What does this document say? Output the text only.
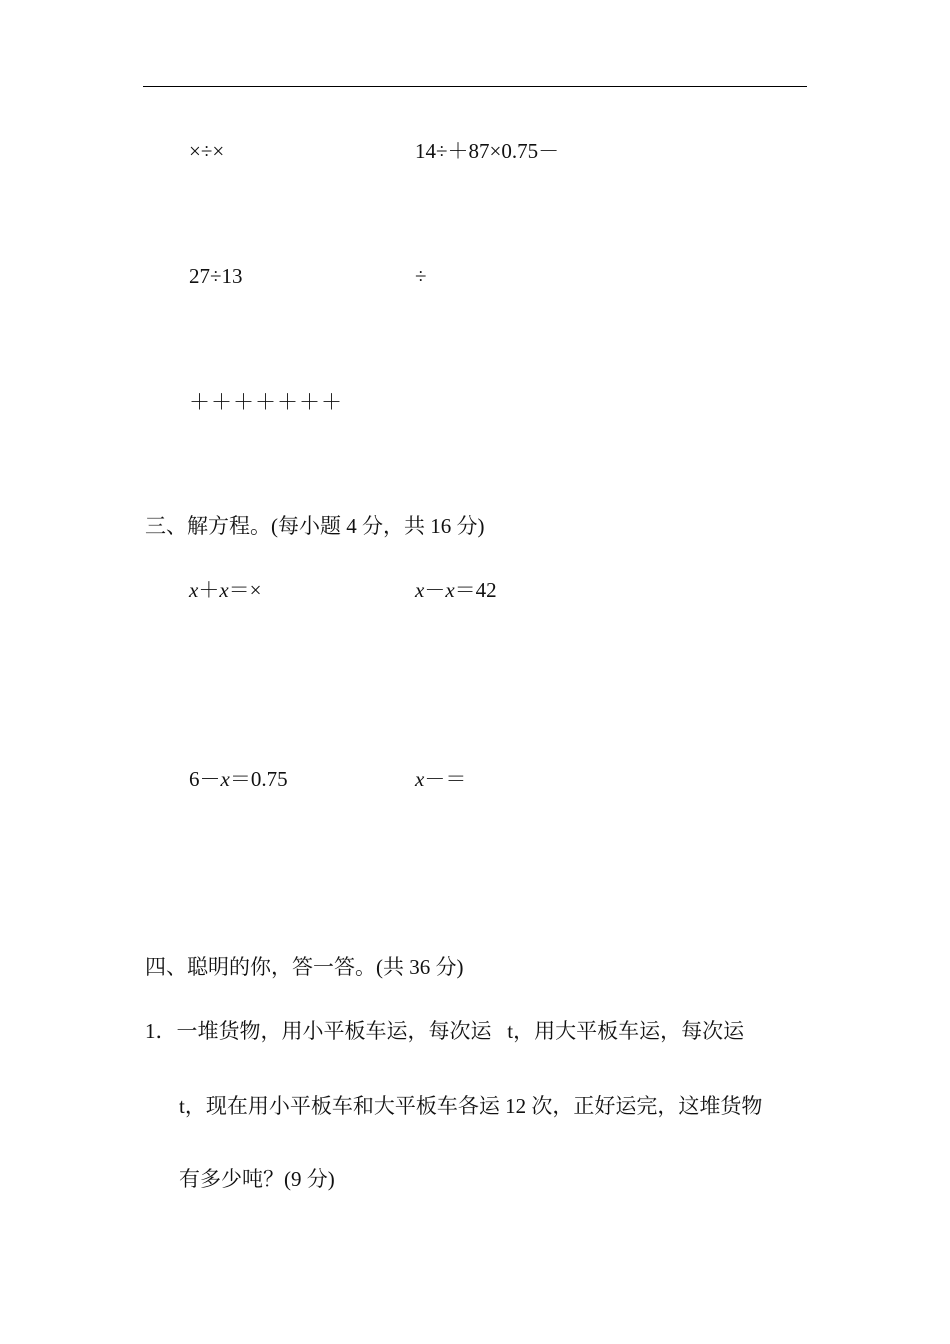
×÷×	14÷＋87×0.75－
27÷13	÷
＋＋＋＋＋＋＋
三、解方程。(每小题 4 分，共 16 分)
x＋x＝×	x－x＝42
6－x＝0.75	x－＝
四、聪明的你，答一答。(共 36 分)
1．一堆货物，用小平板车运，每次运   t，用大平板车运，每次运
t，现在用小平板车和大平板车各运 12 次，正好运完，这堆货物
有多少吨？(9 分)
